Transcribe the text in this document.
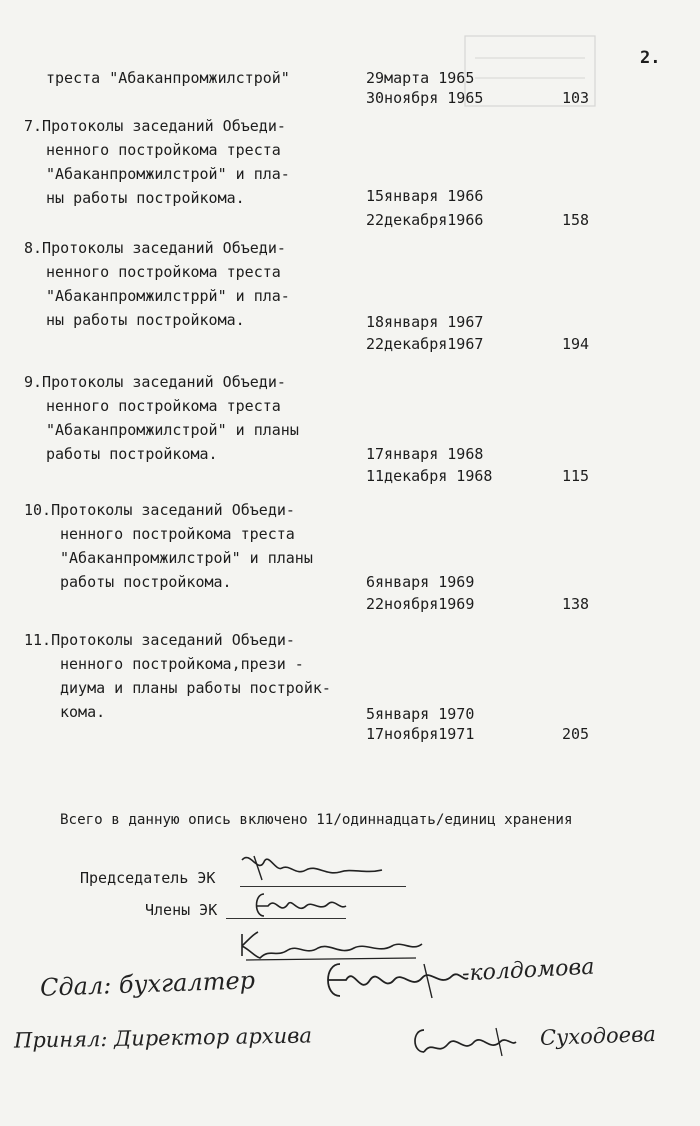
2.
треста "Абаканпромжилстрой"	29марта 1965
30ноября 1965	103
7.Протоколы заседаний Объеди-
ненного постройкома треста
"Абаканпромжилстрой" и пла-
ны работы постройкома.	15января 1966
22декабря1966	158
8.Протоколы заседаний Объеди-
ненного постройкома треста
"Абаканпромжилстррй" и пла-
ны работы постройкома.	18января 1967
22декабря1967	194
9.Протоколы заседаний Объеди-
ненного постройкома треста
"Абаканпромжилстрой" и планы
работы постройкома.	17января 1968
11декабря 1968	115
10.Протоколы заседаний Объеди-
ненного постройкома треста
"Абаканпромжилстрой" и планы
работы постройкома.	6января 1969
22ноября1969	138
11.Протоколы заседаний Объеди-
ненного постройкома,прези -
диума и планы работы постройк-
кома.	5января 1970
17ноября1971	205
Всего в данную опись включено 11/одиннадцать/единиц хранения
Председатель ЭК
Члены ЭК
Сдал: бухгалтер	-колдомова
Принял: Директор архива	Суходоева
